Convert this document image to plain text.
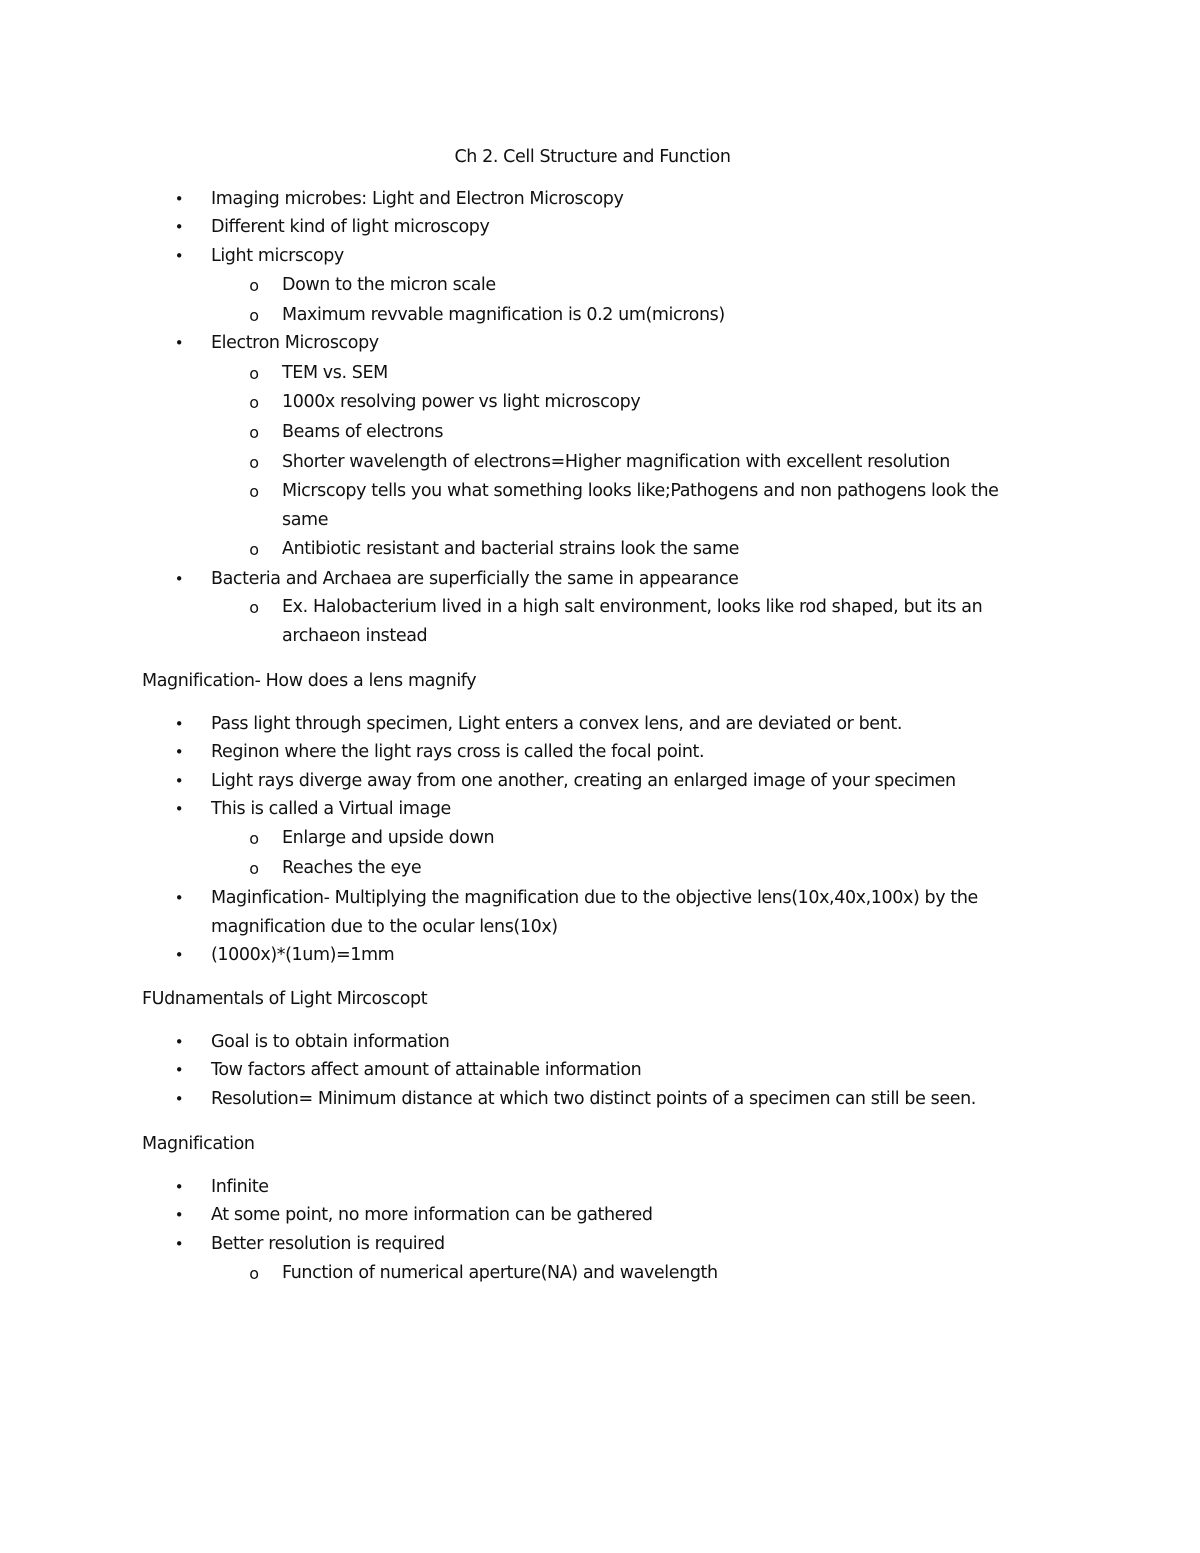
Ch 2. Cell Structure and Function
• Imaging microbes: Light and Electron Microscopy
• Different kind of light microscopy
• Light micrscopy
o Down to the micron scale
o Maximum revvable magnification is 0.2 um(microns)
• Electron Microscopy
o TEM vs. SEM
o 1000x resolving power vs light microscopy
o Beams of electrons
o Shorter wavelength of electrons=Higher magnification with excellent resolution
o Micrscopy tells you what something looks like;Pathogens and non pathogens look the same
o Antibiotic resistant and bacterial strains look the same
• Bacteria and Archaea are superficially the same in appearance
o Ex. Halobacterium lived in a high salt environment, looks like rod shaped, but its an archaeon instead
Magnification- How does a lens magnify
• Pass light through specimen, Light enters a convex lens, and are deviated or bent.
• Reginon where the light rays cross is called the focal point.
• Light rays diverge away from one another, creating an enlarged image of your specimen
• This is called a Virtual image
o Enlarge and upside down
o Reaches the eye
• Maginfication- Multiplying the magnification due to the objective lens(10x,40x,100x) by the magnification due to the ocular lens(10x)
• (1000x)*(1um)=1mm
FUdnamentals of Light Mircoscopt
• Goal is to obtain information
• Tow factors affect amount of attainable information
• Resolution= Minimum distance at which two distinct points of a specimen can still be seen.
Magnification
• Infinite
• At some point, no more information can be gathered
• Better resolution is required
o Function of numerical aperture(NA) and wavelength
